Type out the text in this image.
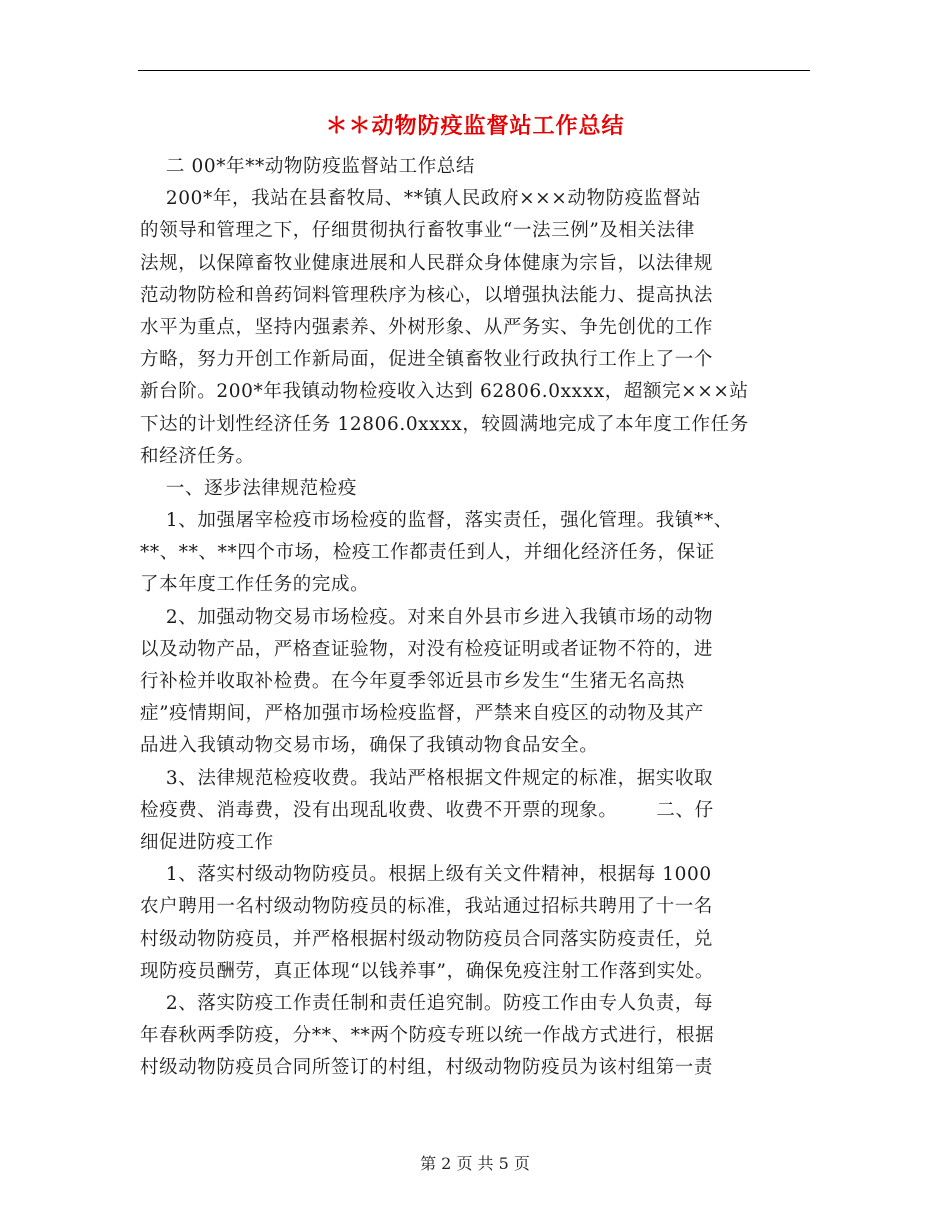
＊＊动物防疫监督站工作总结
二 00*年**动物防疫监督站工作总结
200*年，我站在县畜牧局、**镇人民政府×××动物防疫监督站
的领导和管理之下，仔细贯彻执行畜牧事业“一法三例”及相关法律
法规，以保障畜牧业健康进展和人民群众身体健康为宗旨，以法律规
范动物防检和兽药饲料管理秩序为核心，以增强执法能力、提高执法
水平为重点，坚持内强素养、外树形象、从严务实、争先创优的工作
方略，努力开创工作新局面，促进全镇畜牧业行政执行工作上了一个
新台阶。200*年我镇动物检疫收入达到 62806.0xxxx，超额完×××站
下达的计划性经济任务 12806.0xxxx，较圆满地完成了本年度工作任务
和经济任务。
一、逐步法律规范检疫
1、加强屠宰检疫市场检疫的监督，落实责任，强化管理。我镇**、
**、**、**四个市场，检疫工作都责任到人，并细化经济任务，保证
了本年度工作任务的完成。
2、加强动物交易市场检疫。对来自外县市乡进入我镇市场的动物
以及动物产品，严格查证验物，对没有检疫证明或者证物不符的，进
行补检并收取补检费。在今年夏季邻近县市乡发生“生猪无名高热
症”疫情期间，严格加强市场检疫监督，严禁来自疫区的动物及其产
品进入我镇动物交易市场，确保了我镇动物食品安全。
3、法律规范检疫收费。我站严格根据文件规定的标准，据实收取
检疫费、消毒费，没有出现乱收费、收费不开票的现象。      二、仔
细促进防疫工作
1、落实村级动物防疫员。根据上级有关文件精神，根据每 1000
农户聘用一名村级动物防疫员的标准，我站通过招标共聘用了十一名
村级动物防疫员，并严格根据村级动物防疫员合同落实防疫责任，兑
现防疫员酬劳，真正体现“以钱养事”，确保免疫注射工作落到实处。
2、落实防疫工作责任制和责任追究制。防疫工作由专人负责，每
年春秋两季防疫，分**、**两个防疫专班以统一作战方式进行，根据
村级动物防疫员合同所签订的村组，村级动物防疫员为该村组第一责
第 2 页 共 5 页
